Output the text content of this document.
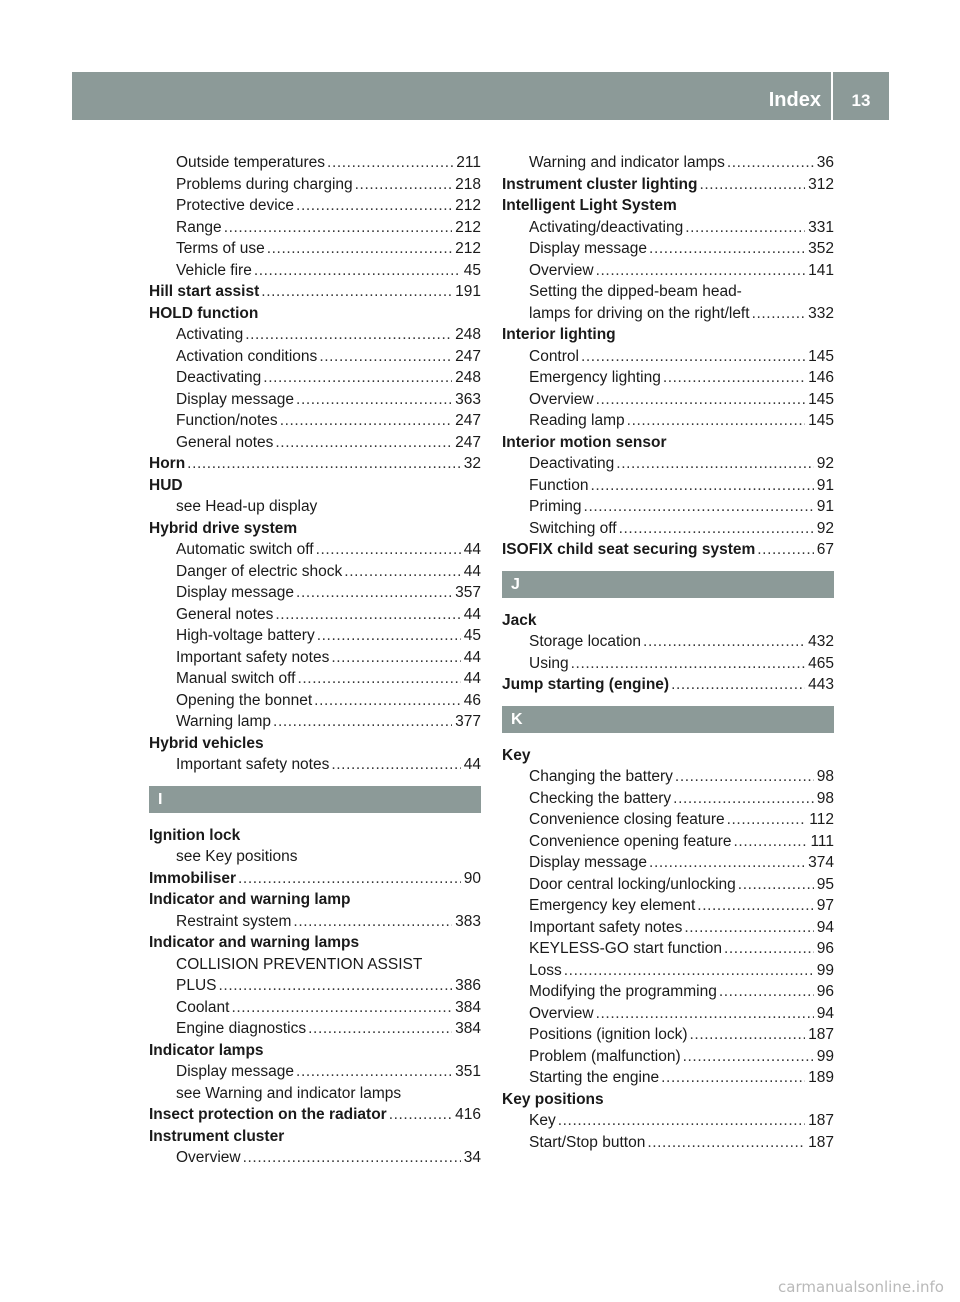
Index	13
Outside temperatures .....	211
Problems during charging .....	218
Protective device .....	212
Range .....	212
Terms of use .....	212
Vehicle fire .....	45
Hill start assist .....	191
HOLD function
Activating .....	248
Activation conditions .....	247
Deactivating .....	248
Display message .....	363
Function/notes .....	247
General notes .....	247
Horn .....	32
HUD
see Head-up display
Hybrid drive system
Automatic switch off .....	44
Danger of electric shock .....	44
Display message .....	357
General notes .....	44
High-voltage battery .....	45
Important safety notes .....	44
Manual switch off .....	44
Opening the bonnet .....	46
Warning lamp .....	377
Hybrid vehicles
Important safety notes .....	44
I
Ignition lock
see Key positions
Immobiliser .....	90
Indicator and warning lamp
Restraint system .....	383
Indicator and warning lamps
COLLISION PREVENTION ASSIST
PLUS .....	386
Coolant .....	384
Engine diagnostics .....	384
Indicator lamps
Display message .....	351
see Warning and indicator lamps
Insect protection on the radiator .....	416
Instrument cluster
Overview .....	34
Warning and indicator lamps .....	36
Instrument cluster lighting .....	312
Intelligent Light System
Activating/deactivating .....	331
Display message .....	352
Overview .....	141
Setting the dipped-beam head-
lamps for driving on the right/left .....	332
Interior lighting
Control .....	145
Emergency lighting .....	146
Overview .....	145
Reading lamp .....	145
Interior motion sensor
Deactivating .....	92
Function .....	91
Priming .....	91
Switching off .....	92
ISOFIX child seat securing system .....	67
J
Jack
Storage location .....	432
Using .....	465
Jump starting (engine) .....	443
K
Key
Changing the battery .....	98
Checking the battery .....	98
Convenience closing feature .....	112
Convenience opening feature .....	111
Display message .....	374
Door central locking/unlocking .....	95
Emergency key element .....	97
Important safety notes .....	94
KEYLESS-GO start function .....	96
Loss .....	99
Modifying the programming .....	96
Overview .....	94
Positions (ignition lock) .....	187
Problem (malfunction) .....	99
Starting the engine .....	189
Key positions
Key .....	187
Start/Stop button .....	187
carmanualsonline.info
